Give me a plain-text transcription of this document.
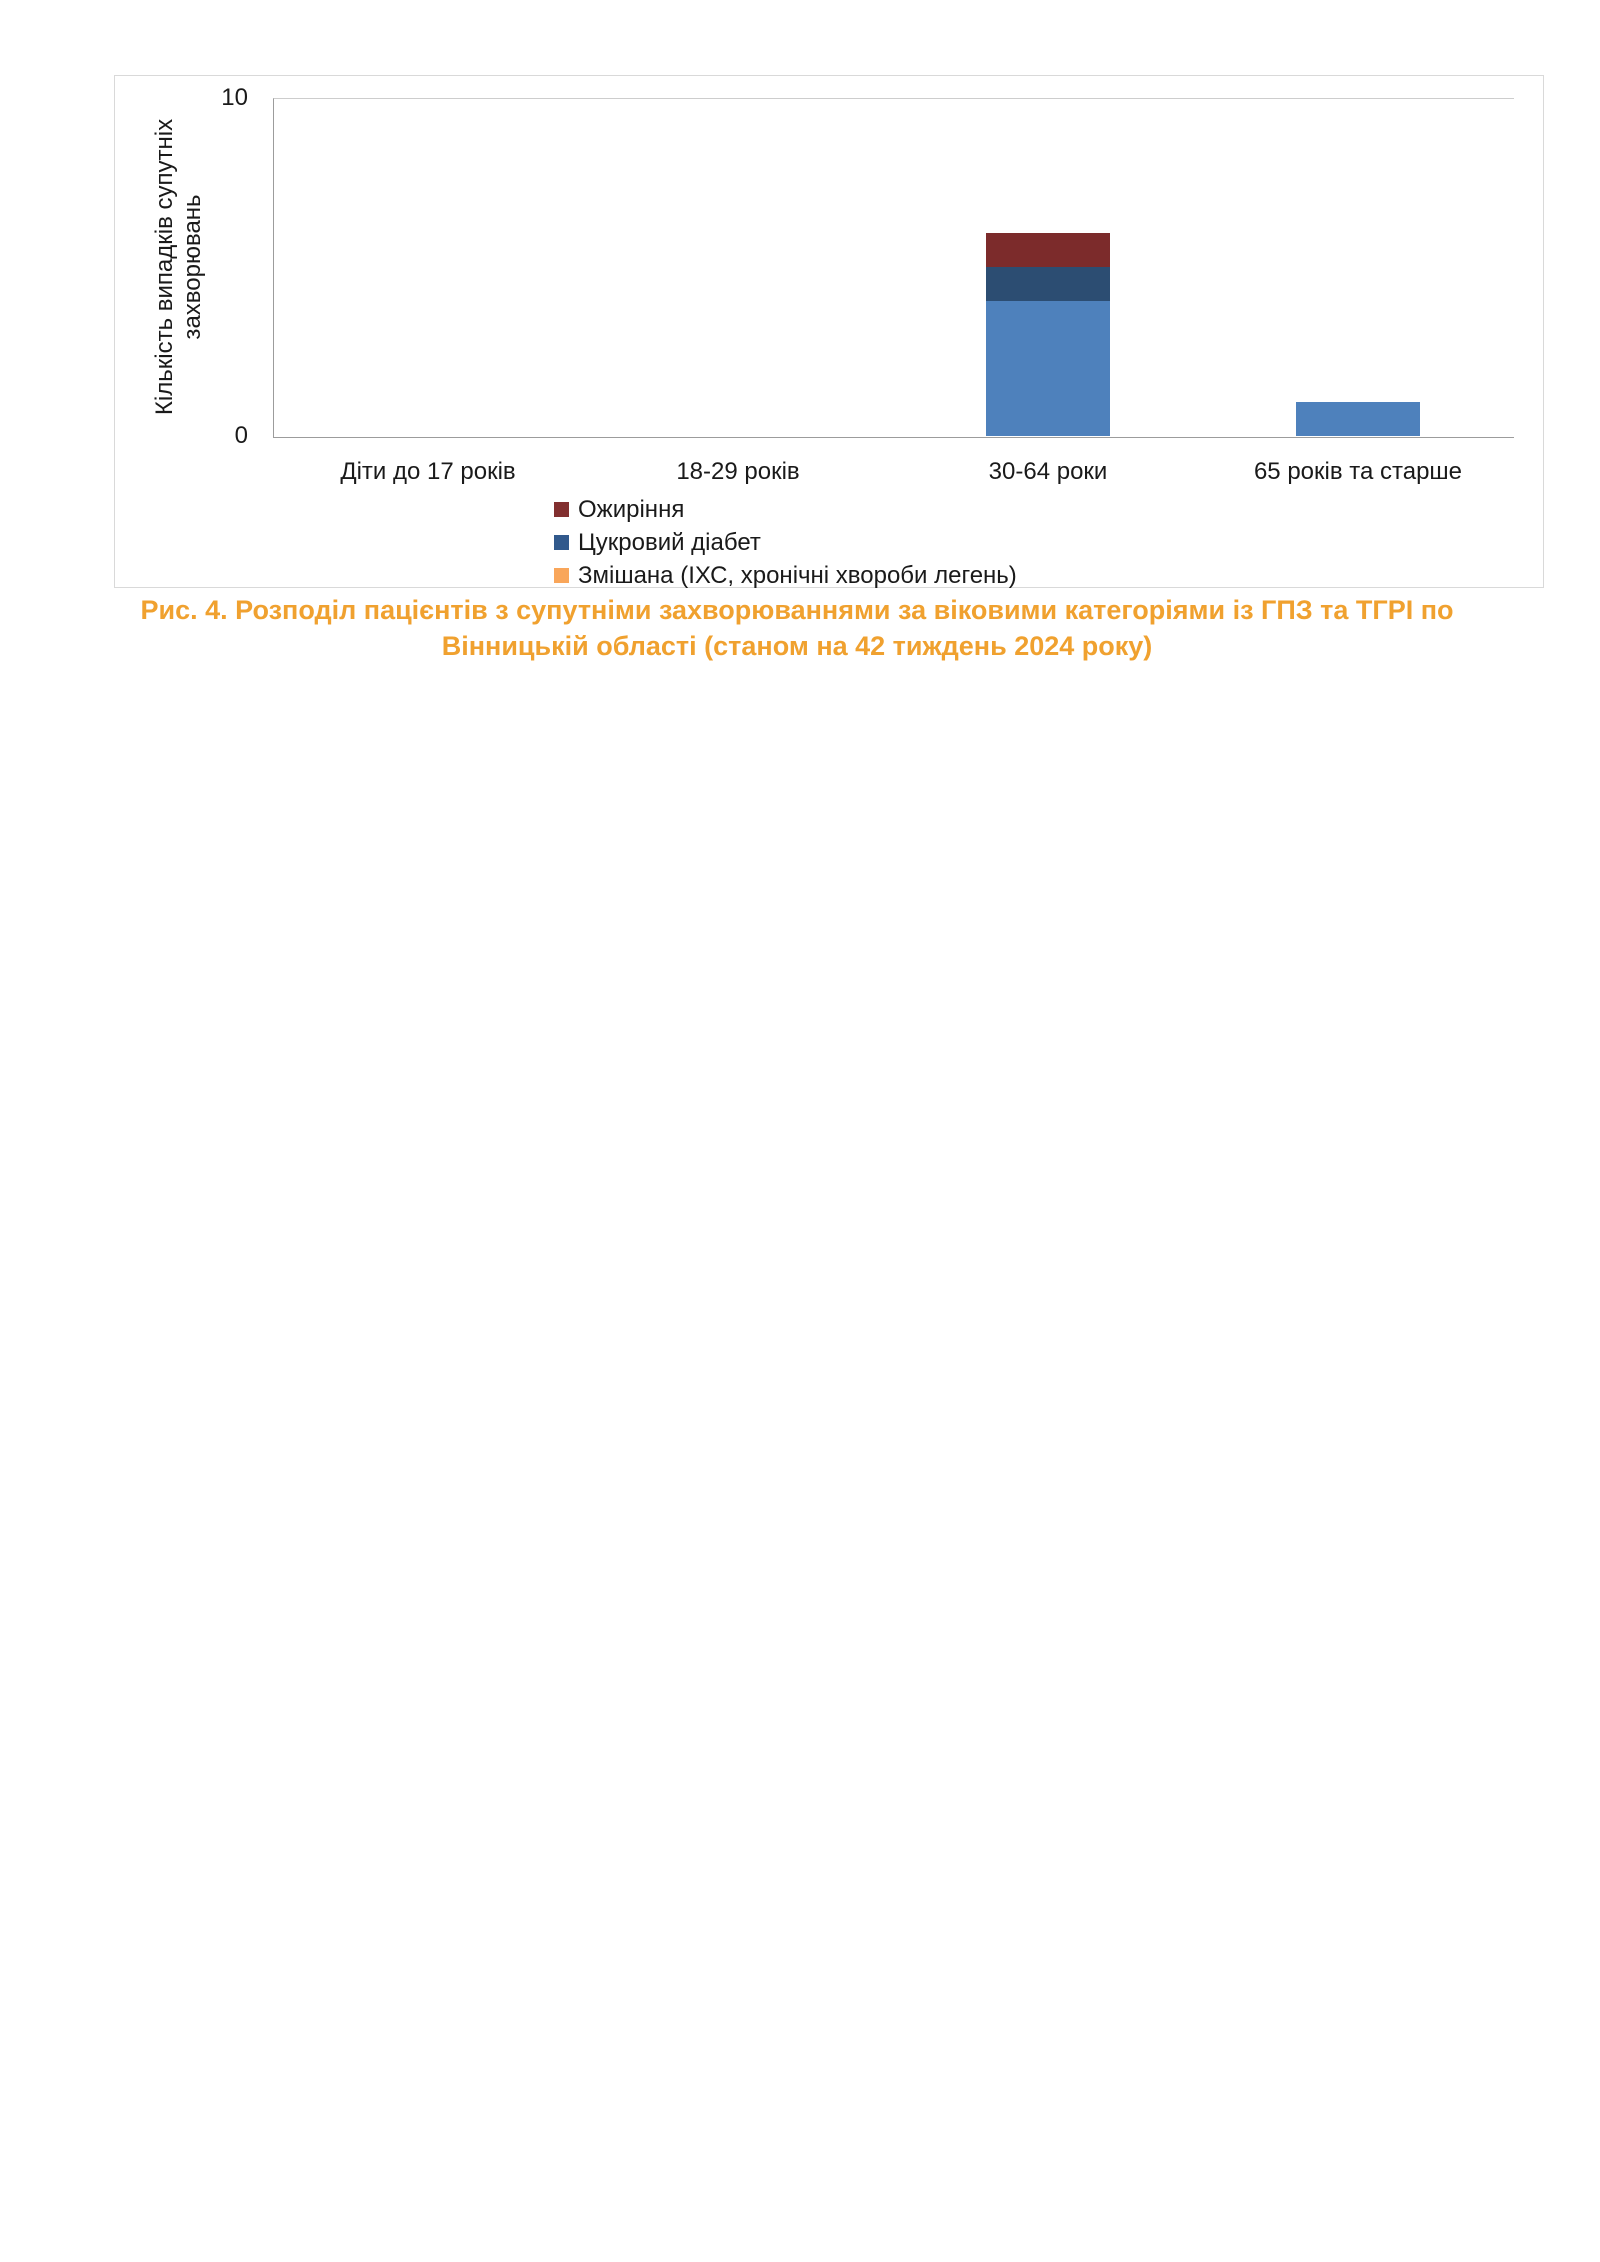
Кількість випадків супутніх захворювань
10
0
Діти до 17 років	18-29 років	30-64 роки	65 років та старше
Ожиріння
Цукровий діабет
Змішана (ІХС, хронічні хвороби легень)
Рис. 4. Розподіл пацієнтів з супутніми захворюваннями за віковими категоріями із ГПЗ та ТГРІ по
Вінницькій області (станом на 42 тиждень 2024 року)
